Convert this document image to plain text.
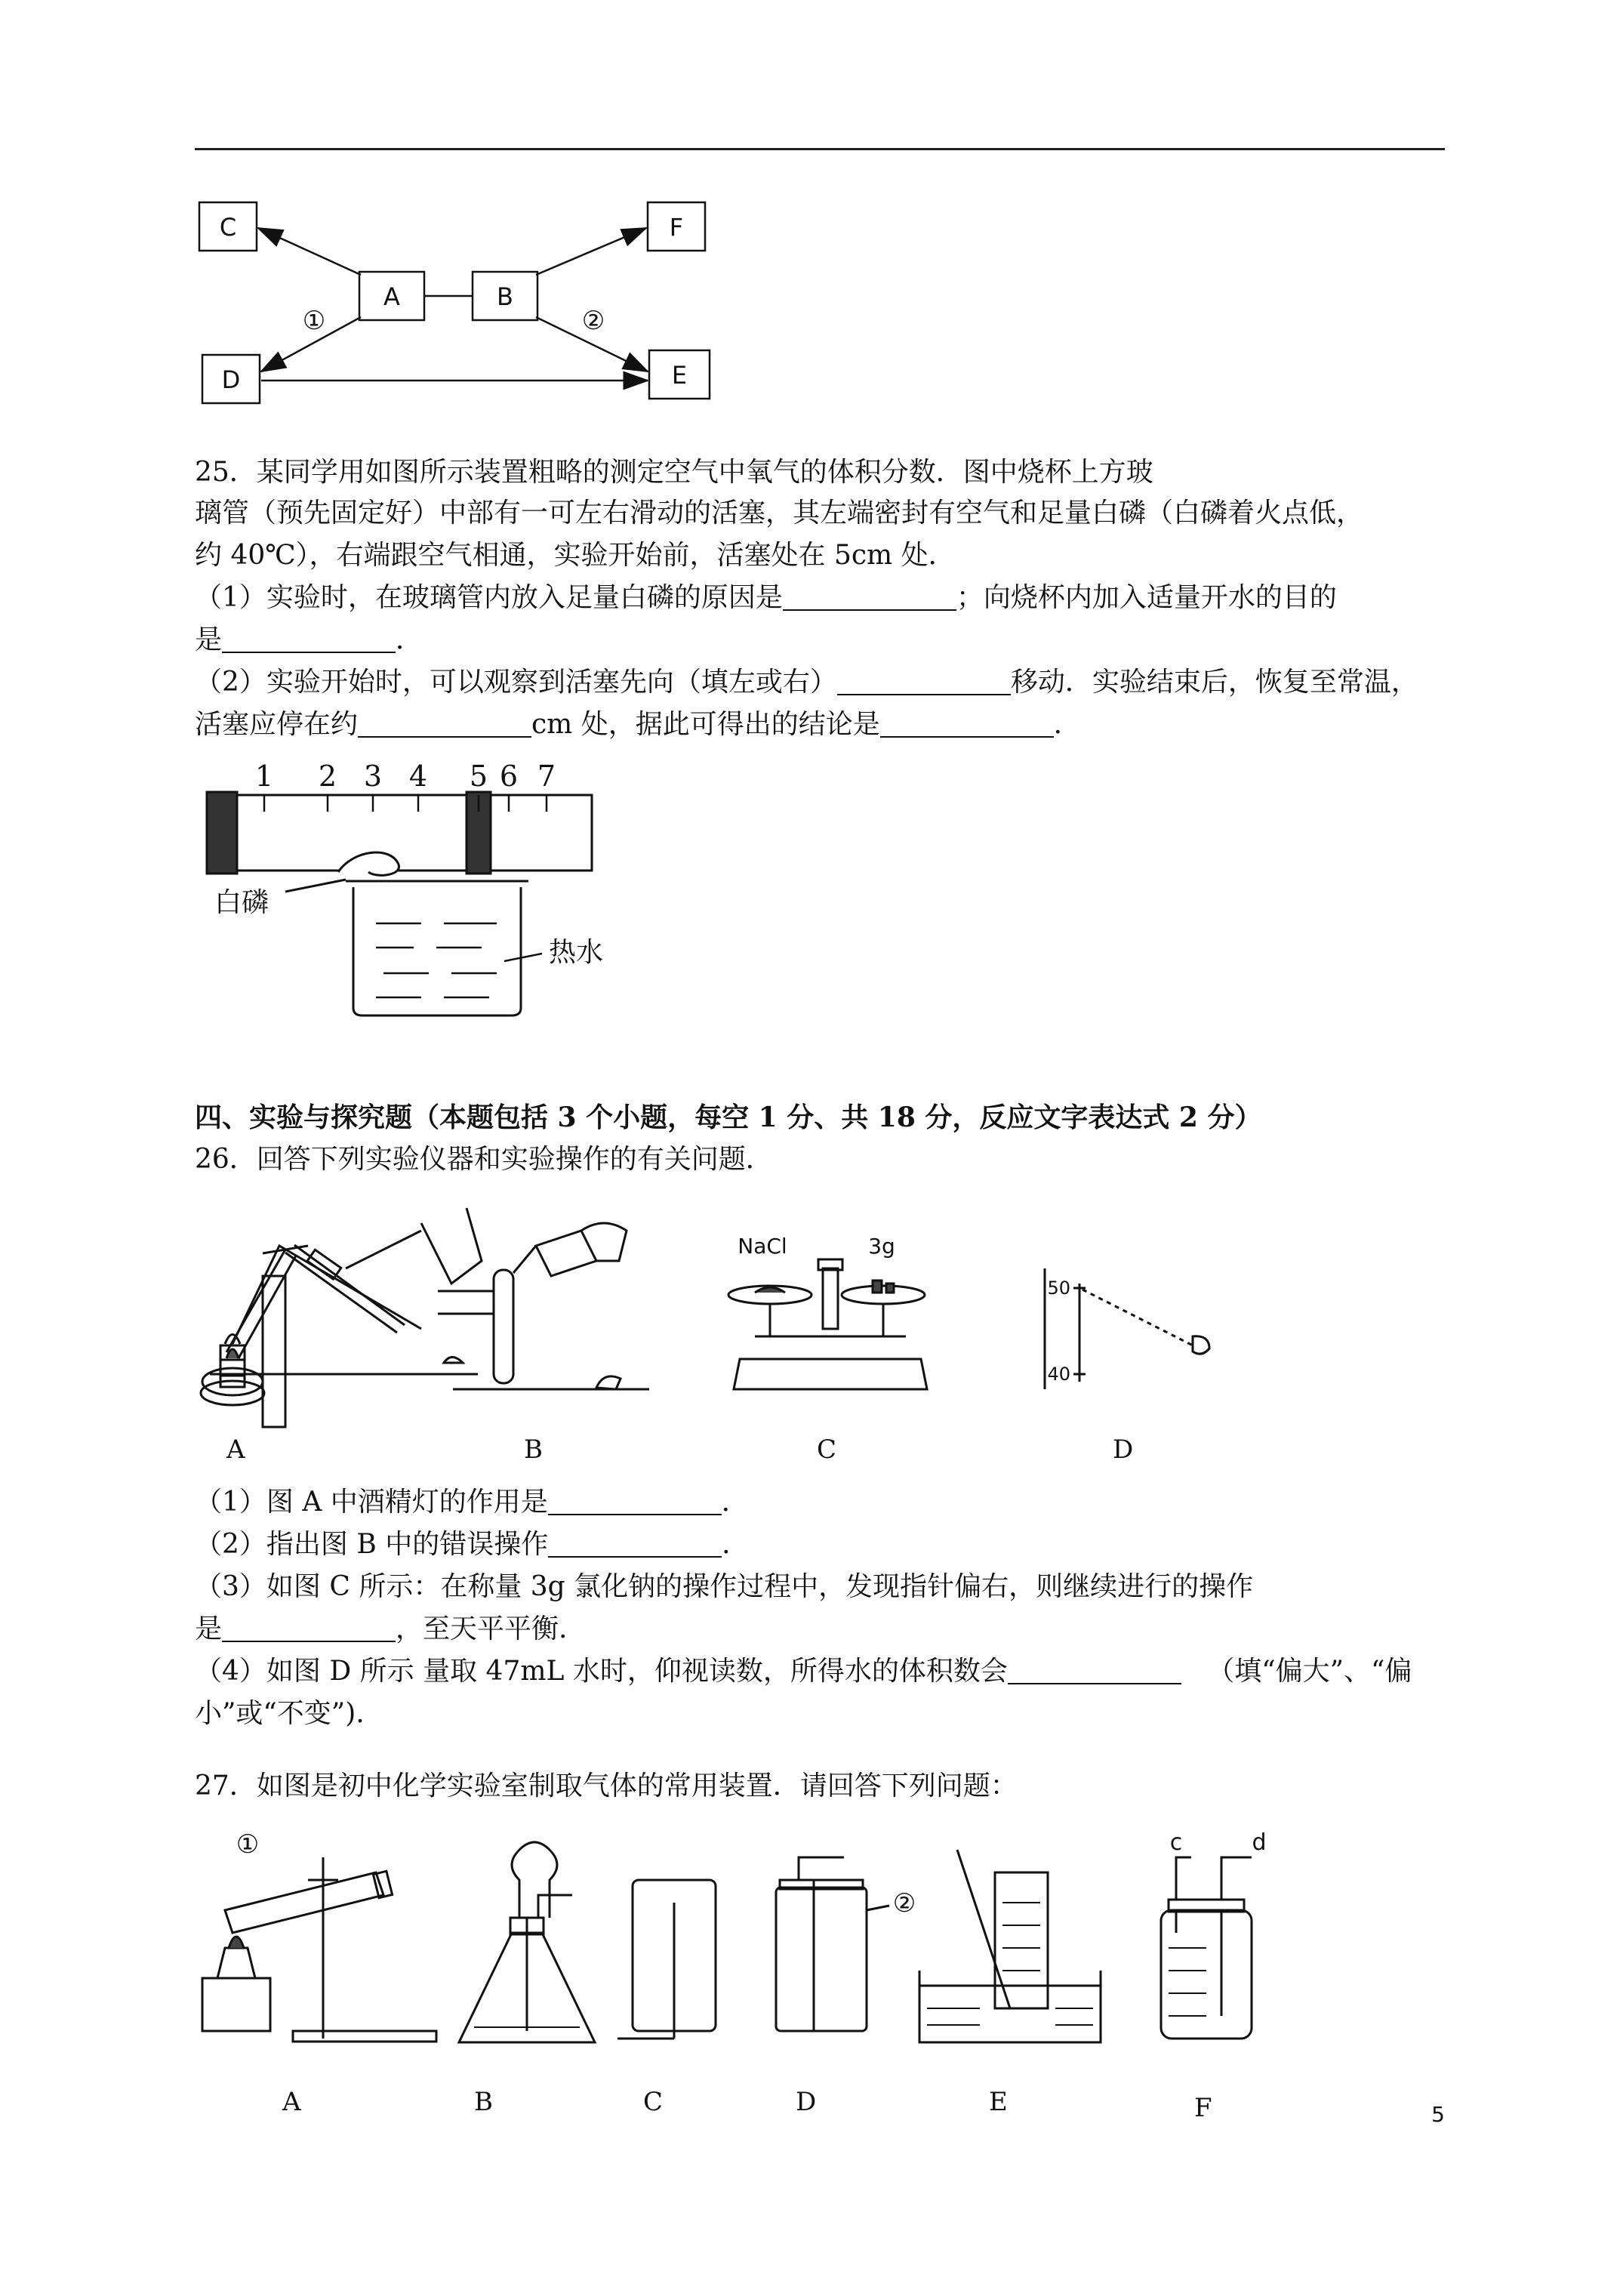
C
A	B
F
D	E
①	②
25．某同学用如图所示装置粗略的测定空气中氧气的体积分数．图中烧杯上方玻
璃管（预先固定好）中部有一可左右滑动的活塞，其左端密封有空气和足量白磷（白磷着火点低，
约 40℃），右端跟空气相通，实验开始前，活塞处在 5cm 处．
（1）实验时，在玻璃管内放入足量白磷的原因是	；向烧杯内加入适量开水的目的
是	．
（2）实验开始时，可以观察到活塞先向（填左或右）	移动．实验结束后，恢复至常温，
活塞应停在约	cm 处，据此可得出的结论是	．
1 2 3 4 5 6 7
白磷
热水
四、实验与探究题（本题包括 3 个小题，每空 1 分、共 18 分，反应文字表达式 2 分）
26．回答下列实验仪器和实验操作的有关问题．
NaCl	3g
50
40
A	B	C	D
（1）图 A 中酒精灯的作用是	．
（2）指出图 B 中的错误操作	．
（3）如图 C 所示：在称量 3g 氯化钠的操作过程中，发现指针偏右，则继续进行的操作
是	，至天平平衡.
（4）如图 D 所示 量取 47mL 水时，仰视读数，所得水的体积数会	（填“偏大”、“偏
小”或“不变”).
27．如图是初中化学实验室制取气体的常用装置．请回答下列问题：
①
②
c	d
A	B	C	D	E	F	5
